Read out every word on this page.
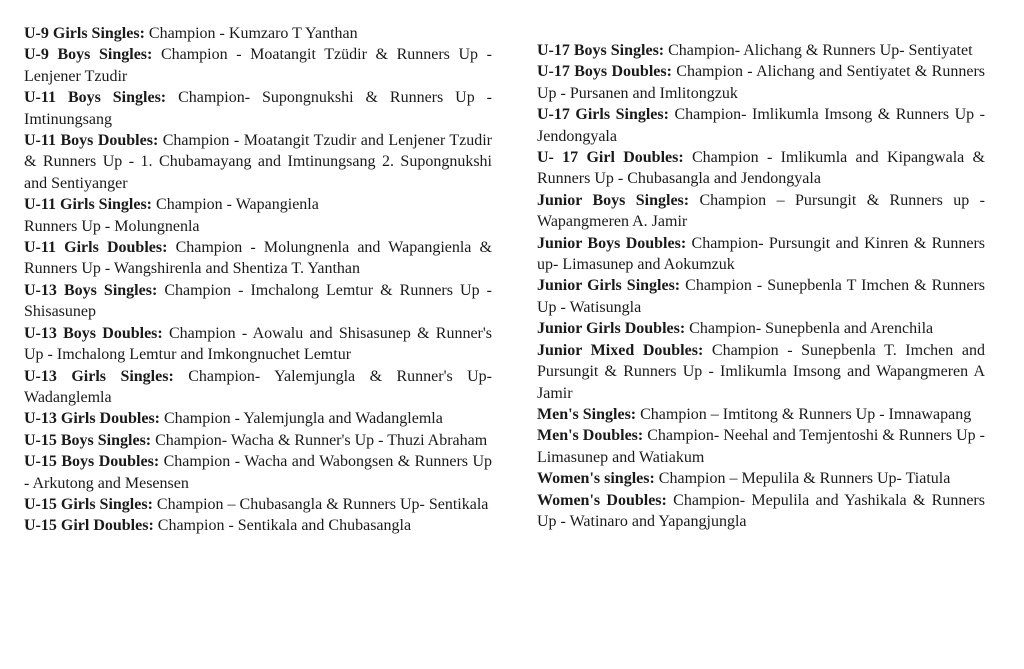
U-9 Girls Singles: Champion - Kumzaro T Yanthan

U-9 Boys Singles: Champion - Moatangit Tzüdir & Runners Up - Lenjener Tzudir

U-11 Boys Singles: Champion- Supongnukshi & Runners Up - Imtinungsang

U-11 Boys Doubles: Champion - Moatangit Tzudir and Lenjener Tzudir & Runners Up - 1. Chubamayang and Imtinungsang 2. Supongnukshi and Sentiyanger

U-11 Girls Singles: Champion - Wapangienla
Runners Up - Molungnenla

U-11 Girls Doubles: Champion - Molungnenla and Wapangienla & Runners Up - Wangshirenla and Shentiza T. Yanthan

U-13 Boys Singles: Champion - Imchalong Lemtur & Runners Up - Shisasunep

U-13 Boys Doubles: Champion - Aowalu and Shisasunep & Runner's Up - Imchalong Lemtur and Imkongnuchet Lemtur

U-13 Girls Singles: Champion- Yalemjungla & Runner's Up- Wadanglemla

U-13 Girls Doubles: Champion - Yalemjungla and Wadanglemla

U-15 Boys Singles: Champion- Wacha & Runner's Up - Thuzi Abraham

U-15 Boys Doubles: Champion - Wacha and Wabongsen & Runners Up - Arkutong and Mesensen

U-15 Girls Singles: Champion – Chubasangla & Runners Up- Sentikala

U-15 Girl Doubles: Champion - Sentikala and Chubasangla

U-17 Boys Singles: Champion- Alichang & Runners Up- Sentiyatet

U-17 Boys Doubles: Champion - Alichang and Sentiyatet & Runners Up - Pursanen and Imlitongzuk

U-17 Girls Singles: Champion- Imlikumla Imsong & Runners Up - Jendongyala

U- 17 Girl Doubles: Champion - Imlikumla and Kipangwala & Runners Up - Chubasangla and Jendongyala

Junior Boys Singles: Champion – Pursungit & Runners up - Wapangmeren A. Jamir

Junior Boys Doubles: Champion- Pursungit and Kinren & Runners up- Limasunep and Aokumzuk

Junior Girls Singles: Champion - Sunepbenla T Imchen & Runners Up - Watisungla

Junior Girls Doubles: Champion- Sunepbenla and Arenchila

Junior Mixed Doubles: Champion - Sunepbenla T. Imchen and Pursungit & Runners Up - Imlikumla Imsong and Wapangmeren A Jamir

Men's Singles: Champion – Imtitong & Runners Up - Imnawapang

Men's Doubles: Champion- Neehal and Temjentoshi & Runners Up - Limasunep and Watiakum

Women's singles: Champion – Mepulila & Runners Up- Tiatula

Women's Doubles: Champion- Mepulila and Yashikala & Runners Up - Watinaro and Yapangjungla
